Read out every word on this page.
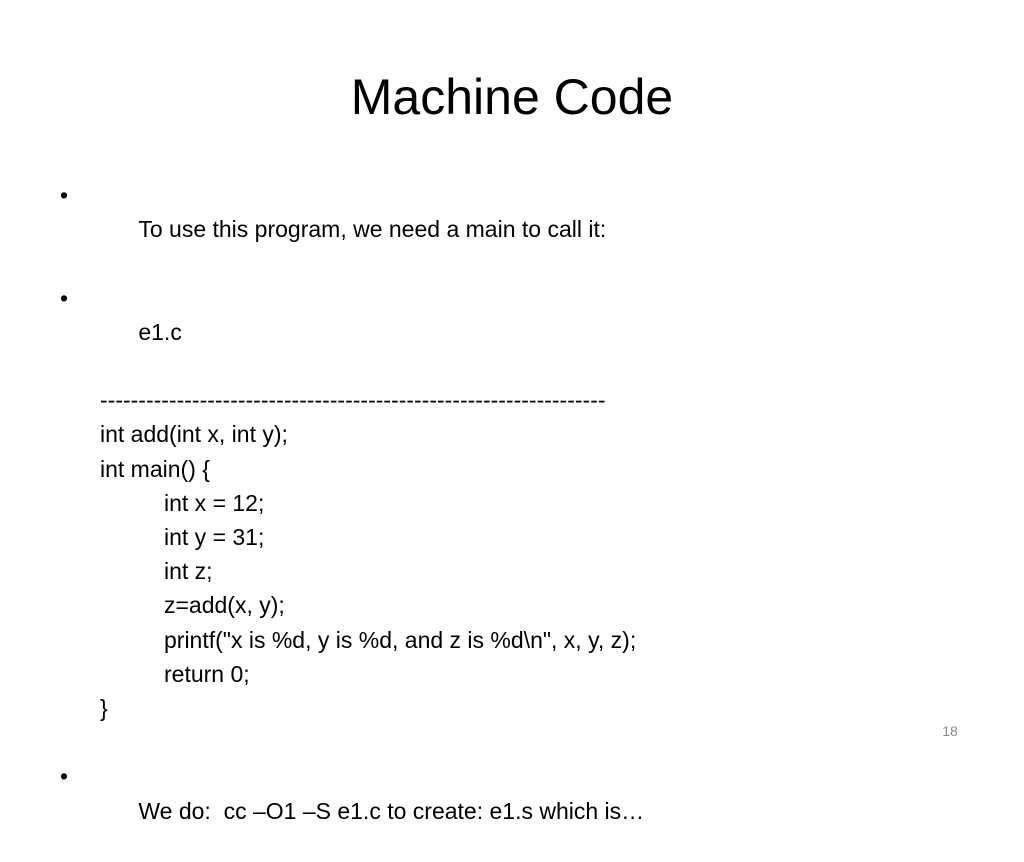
Machine Code

•
To use this program, we need a main to call it:

•
e1.c

------------------------------------------------------------------
int add(int x, int y);
int main() {
int x = 12;
int y = 31;
int z;
z=add(x, y);
printf("x is %d, y is %d, and z is %d\n", x, y, z);
return 0;
}

•
We do:  cc –O1 –S e1.c to create: e1.s which is…

18
